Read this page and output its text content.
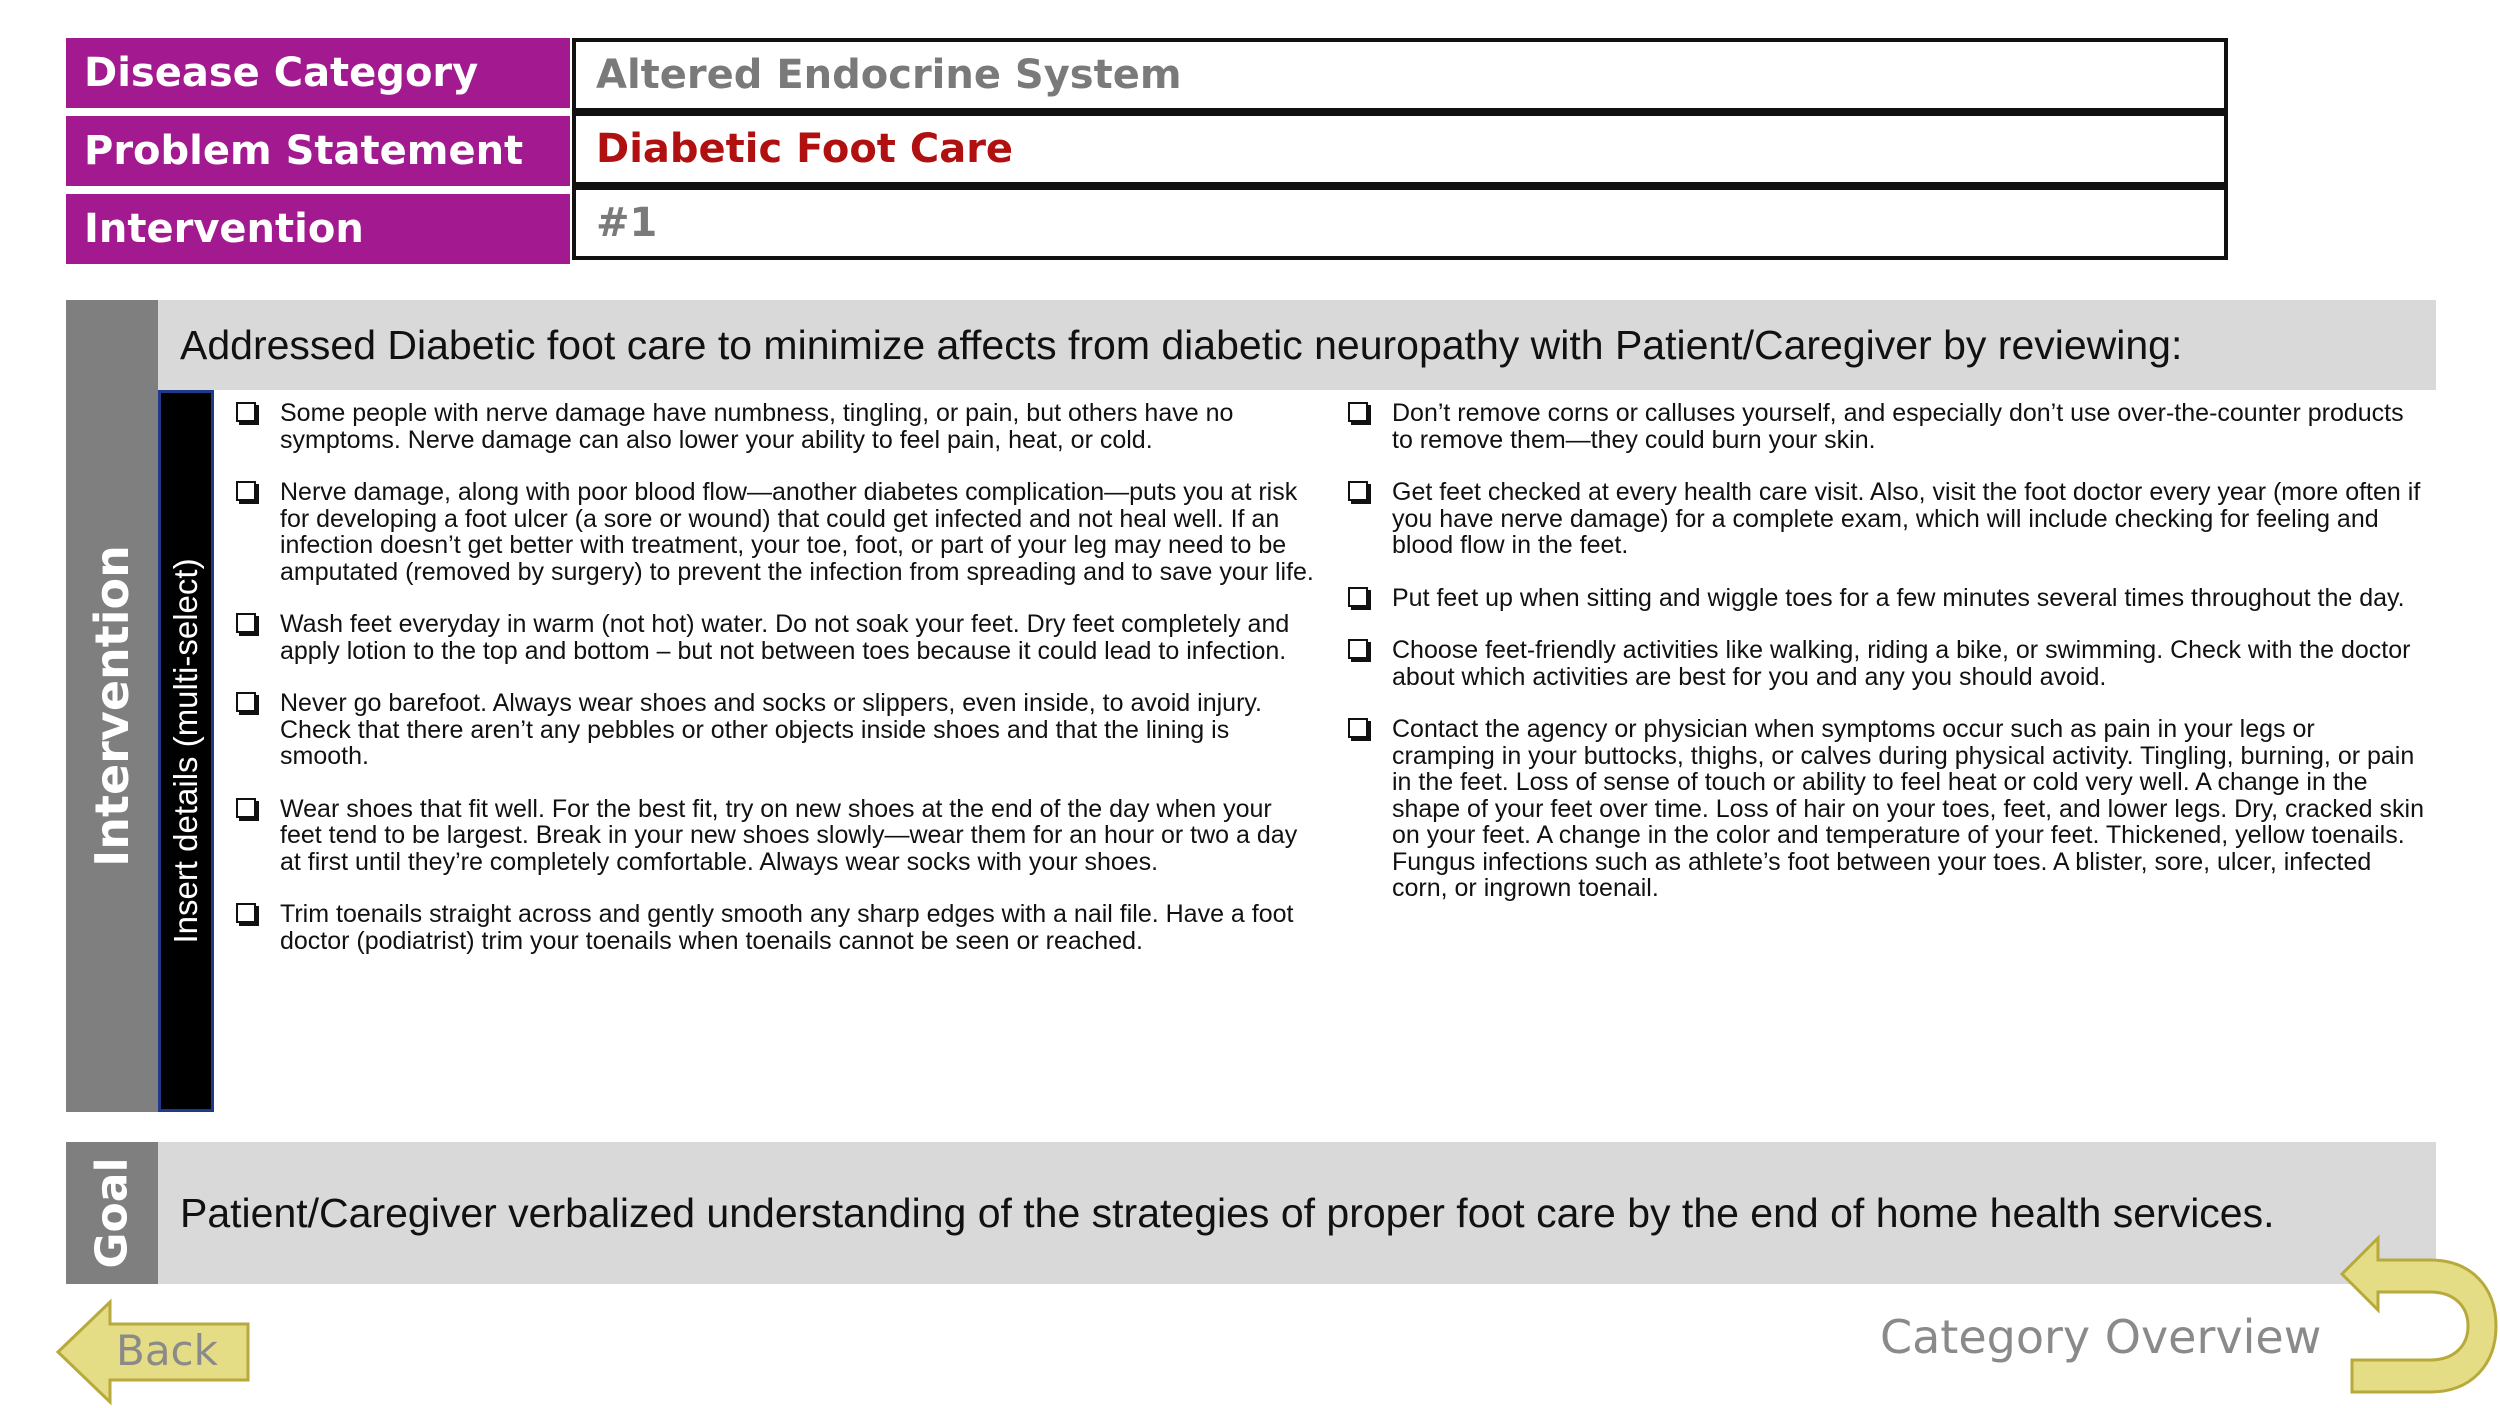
Disease Category	Altered Endocrine System
Problem Statement	Diabetic Foot Care
Intervention	#1
Intervention
Addressed Diabetic foot care to minimize affects from diabetic neuropathy with Patient/Caregiver by reviewing:
Insert details (multi-select)
Some people with nerve damage have numbness, tingling, or pain, but others have no symptoms. Nerve damage can also lower your ability to feel pain, heat, or cold.
Nerve damage, along with poor blood flow—another diabetes complication—puts you at risk for developing a foot ulcer (a sore or wound) that could get infected and not heal well. If an infection doesn’t get better with treatment, your toe, foot, or part of your leg may need to be amputated (removed by surgery) to prevent the infection from spreading and to save your life.
Wash feet everyday in warm (not hot) water. Do not soak your feet. Dry feet completely and apply lotion to the top and bottom – but not between toes because it could lead to infection.
Never go barefoot. Always wear shoes and socks or slippers, even inside, to avoid injury. Check that there aren’t any pebbles or other objects inside shoes and that the lining is smooth.
Wear shoes that fit well. For the best fit, try on new shoes at the end of the day when your feet tend to be largest. Break in your new shoes slowly—wear them for an hour or two a day at first until they’re completely comfortable. Always wear socks with your shoes.
Trim toenails straight across and gently smooth any sharp edges with a nail file. Have a foot doctor (podiatrist) trim your toenails when toenails cannot be seen or reached.
Don’t remove corns or calluses yourself, and especially don’t use over-the-counter products to remove them—they could burn your skin.
Get feet checked at every health care visit. Also, visit the foot doctor every year (more often if you have nerve damage) for a complete exam, which will include checking for feeling and blood flow in the feet.
Put feet up when sitting and wiggle toes for a few minutes several times throughout the day.
Choose feet-friendly activities like walking, riding a bike, or swimming. Check with the doctor about which activities are best for you and any you should avoid.
Contact the agency or physician when symptoms occur such as pain in your legs or cramping in your buttocks, thighs, or calves during physical activity. Tingling, burning, or pain in the feet. Loss of sense of touch or ability to feel heat or cold very well. A change in the shape of your feet over time. Loss of hair on your toes, feet, and lower legs. Dry, cracked skin on your feet. A change in the color and temperature of your feet. Thickened, yellow toenails. Fungus infections such as athlete’s foot between your toes. A blister, sore, ulcer, infected corn, or ingrown toenail.
Goal	Patient/Caregiver verbalized understanding of the strategies of proper foot care by the end of home health services.
Back	Category Overview
